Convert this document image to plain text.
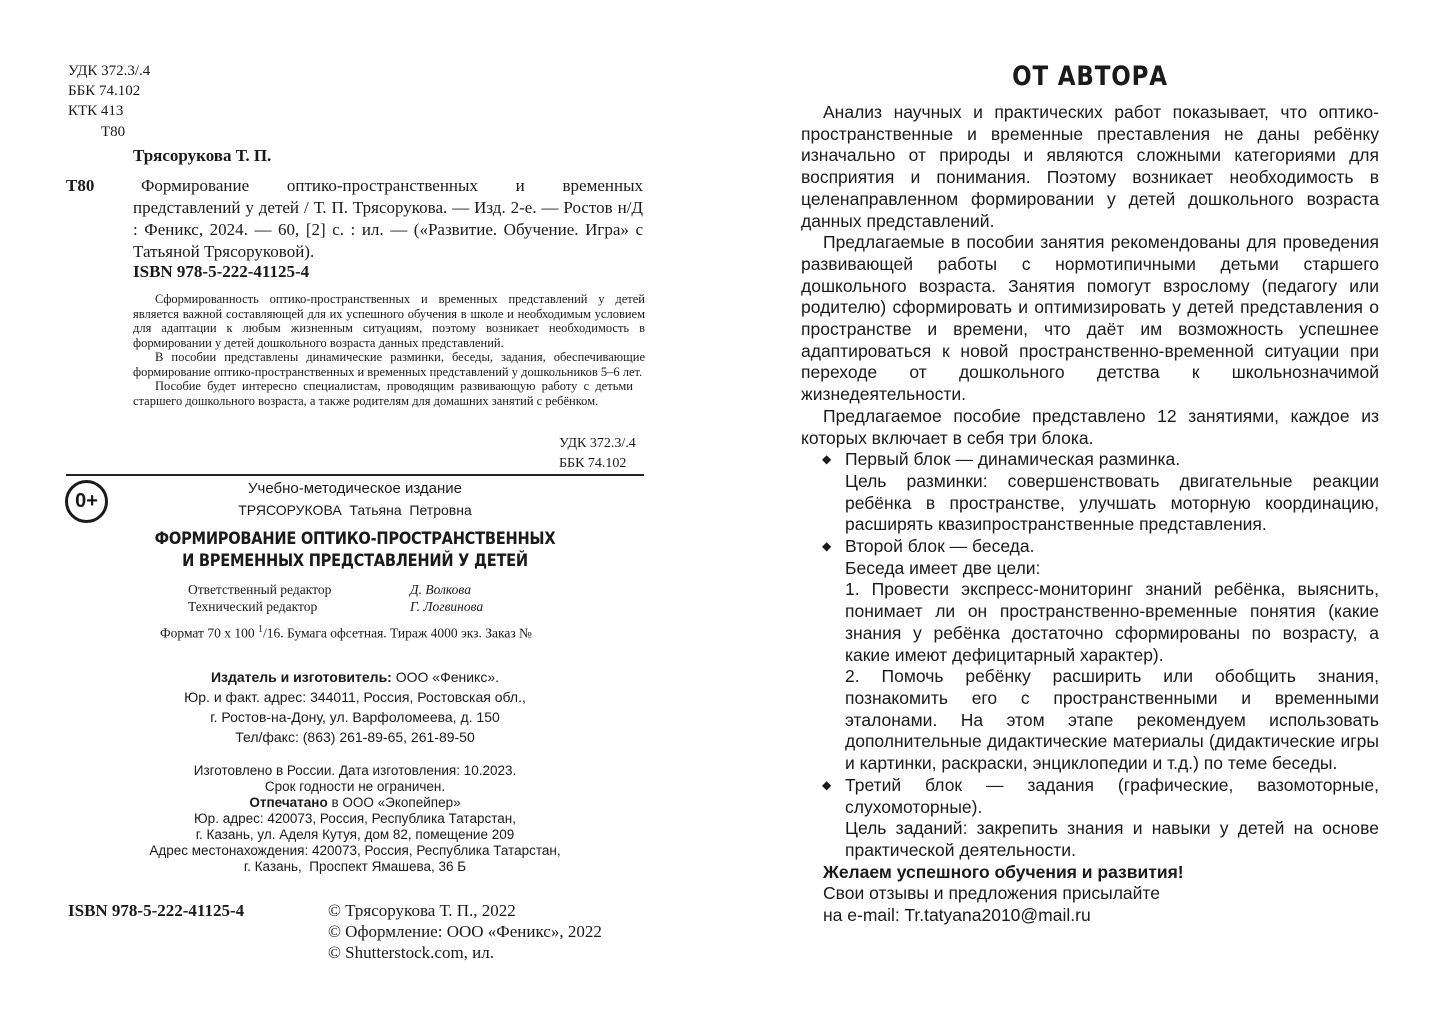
УДК 372.3/.4
ББК 74.102
КТК 413
Т80
Трясорукова Т. П.
Т80	Формирование оптико-пространственных и временных представлений у детей / Т. П. Трясорукова. — Изд. 2-е. — Ростов н/Д : Феникс, 2024. — 60, [2] с. : ил. — («Развитие. Обучение. Игра» с Татьяной Трясоруковой).
ISBN 978-5-222-41125-4

Сформированность оптико-пространственных и временных представлений у детей является важной составляющей для их успешного обучения в школе и необходимым условием для адаптации к любым жизненным ситуациям, поэтому возникает необходимость в формировании у детей дошкольного возраста данных представлений.

В пособии представлены динамические разминки, беседы, задания, обеспечивающие формирование оптико-пространственных и временных представлений у дошкольников 5–6 лет.

Пособие будет интересно специалистам, проводящим развивающую работу с детьми старшего дошкольного возраста, а также родителям для домашних занятий с ребёнком.

УДК 372.3/.4
ББК 74.102
0+
Учебно-методическое издание
ТРЯСОРУКОВА  Татьяна  Петровна
ФОРМИРОВАНИЕ ОПТИКО-ПРОСТРАНСТВЕННЫХ
И ВРЕМЕННЫХ ПРЕДСТАВЛЕНИЙ У ДЕТЕЙ
Ответственный редактор	Д. Волкова
Технический редактор	Г. Логвинова
Формат 70 x 100 $^1$/16. Бумага офсетная. Тираж 4000 экз. Заказ №
Издатель и изготовитель: ООО «Феникс».
Юр. и факт. адрес: 344011, Россия, Ростовская обл.,
г. Ростов-на-Дону, ул. Варфоломеева, д. 150
Тел/факс: (863) 261-89-65, 261-89-50
Изготовлено в России. Дата изготовления: 10.2023.
Срок годности не ограничен.
Отпечатано в ООО «Экопейпер»
Юр. адрес: 420073, Россия, Республика Татарстан,
г. Казань, ул. Аделя Кутуя, дом 82, помещение 209
Адрес местонахождения: 420073, Россия, Республика Татарстан,
г. Казань,  Проспект Ямашева, 36 Б
ISBN 978-5-222-41125-4	© Трясорукова Т. П., 2022
© Оформление: ООО «Феникс», 2022
© Shutterstock.com, ил.
ОТ АВТОРА

Анализ научных и практических работ показывает, что оптико-пространственные и временные преставления не даны ребёнку изначально от природы и являются сложными категориями для восприятия и понимания. Поэтому возникает необходимость в целенаправленном формировании у детей дошкольного возраста данных представлений.

Предлагаемые в пособии занятия рекомендованы для проведения развивающей работы с нормотипичными детьми старшего дошкольного возраста. Занятия помогут взрослому (педагогу или родителю) сформировать и оптимизировать у детей представления о пространстве и времени, что даёт им возможность успешнее адаптироваться к новой пространственно-временной ситуации при переходе от дошкольного детства к школьнозначимой жизнедеятельности.

Предлагаемое пособие представлено 12 занятиями, каждое из которых включает в себя три блока.

◆ Первый блок — динамическая разминка.

Цель разминки: совершенствовать двигательные реакции ребёнка в пространстве, улучшать моторную координацию, расширять квазипространственные представления.

◆ Второй блок — беседа.

Беседа имеет две цели:

1. Провести экспресс-мониторинг знаний ребёнка, выяснить, понимает ли он пространственно-временные понятия (какие знания у ребёнка достаточно сформированы по возрасту, а какие имеют дефицитарный характер).

2. Помочь ребёнку расширить или обобщить знания, познакомить его с пространственными и временными эталонами. На этом этапе рекомендуем использовать дополнительные дидактические материалы (дидактические игры и картинки, раскраски, энциклопедии и т.д.) по теме беседы.

◆ Третий блок — задания (графические, вазомоторные, слухомоторные).

Цель заданий: закрепить знания и навыки у детей на основе практической деятельности.

Желаем успешного обучения и развития!

Свои отзывы и предложения присылайте

на e-mail: Tr.tatyana2010@mail.ru
